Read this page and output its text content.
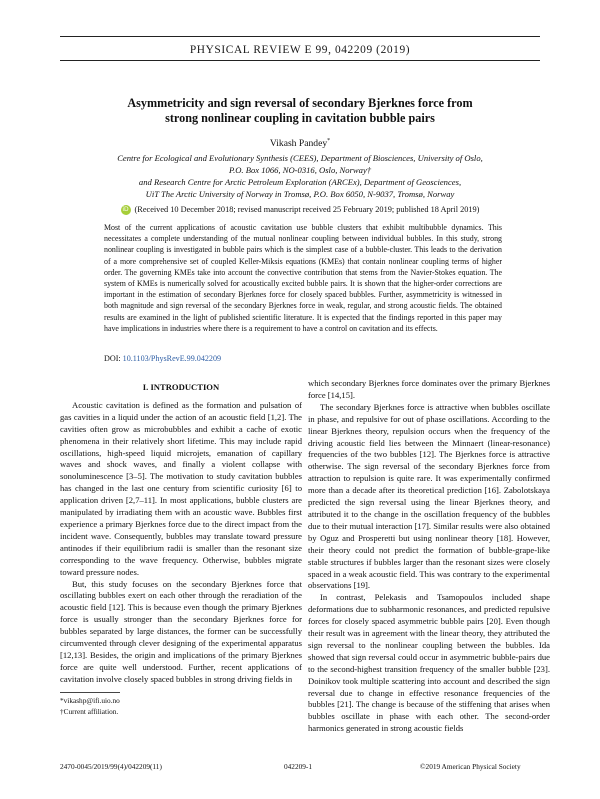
PHYSICAL REVIEW E 99, 042209 (2019)
Asymmetricity and sign reversal of secondary Bjerknes force from
strong nonlinear coupling in cavitation bubble pairs
Vikash Pandey*
Centre for Ecological and Evolutionary Synthesis (CEES), Department of Biosciences, University of Oslo,
P.O. Box 1066, NO-0316, Oslo, Norway†
and Research Centre for Arctic Petroleum Exploration (ARCEx), Department of Geosciences,
UiT The Arctic University of Norway in Tromsø, P.O. Box 6050, N-9037, Tromsø, Norway
iD (Received 10 December 2018; revised manuscript received 25 February 2019; published 18 April 2019)
Most of the current applications of acoustic cavitation use bubble clusters that exhibit multibubble dynamics. This necessitates a complete understanding of the mutual nonlinear coupling between individual bubbles. In this study, strong nonlinear coupling is investigated in bubble pairs which is the simplest case of a bubble-cluster. This leads to the derivation of a more comprehensive set of coupled Keller-Miksis equations (KMEs) that contain nonlinear coupling terms of higher order. The governing KMEs take into account the convective contribution that stems from the Navier-Stokes equation. The system of KMEs is numerically solved for acoustically excited bubble pairs. It is shown that the higher-order corrections are important in the estimation of secondary Bjerknes force for closely spaced bubbles. Further, asymmetricity is witnessed in both magnitude and sign reversal of the secondary Bjerknes force in weak, regular, and strong acoustic fields. The obtained results are examined in the light of published scientific literature. It is expected that the findings reported in this paper may have implications in industries where there is a requirement to have a control on cavitation and its effects.
DOI: 10.1103/PhysRevE.99.042209
I. INTRODUCTION

Acoustic cavitation is defined as the formation and pulsation of gas cavities in a liquid under the action of an acoustic field [1,2]. The cavities often grow as microbubbles and exhibit a cache of exotic phenomena in their relatively short lifetime. This may include rapid oscillations, high-speed liquid microjets, emanation of capillary waves and shock waves, and finally a violent collapse with sonoluminescence [3–5]. The motivation to study cavitation bubbles has changed in the last one century from scientific curiosity [6] to application driven [2,7–11]. In most applications, bubble clusters are manipulated by irradiating them with an acoustic wave. Bubbles first experience a primary Bjerknes force due to the direct impact from the incident wave. Consequently, bubbles may translate toward pressure antinodes if their equilibrium radii is smaller than the resonant size corresponding to the wave frequency. Otherwise, bubbles migrate toward pressure nodes.

But, this study focuses on the secondary Bjerknes force that oscillating bubbles exert on each other through the reradiation of the acoustic field [12]. This is because even though the primary Bjerknes force is usually stronger than the secondary Bjerknes force for bubbles separated by large distances, the former can be successfully circumvented through clever designing of the experimental apparatus [12,13]. Besides, the origin and implications of the primary Bjerknes force are quite well understood. Further, recent applications of cavitation involve closely spaced bubbles in strong driving fields in

which secondary Bjerknes force dominates over the primary Bjerknes force [14,15].

The secondary Bjerknes force is attractive when bubbles oscillate in phase, and repulsive for out of phase oscillations. According to the linear Bjerknes theory, repulsion occurs when the frequency of the driving acoustic field lies between the Minnaert (linear-resonance) frequencies of the two bubbles [12]. The Bjerknes force is attractive otherwise. The sign reversal of the secondary Bjerknes force from attraction to repulsion is quite rare. It was experimentally confirmed more than a decade after its theoretical prediction [16]. Zabolotskaya predicted the sign reversal using the linear Bjerknes theory, and attributed it to the change in the oscillation frequency of the bubbles due to their mutual interaction [17]. Similar results were also obtained by Oguz and Prosperetti but using nonlinear theory [18]. However, their theory could not predict the formation of bubble-grape-like stable structures if bubbles larger than the resonant sizes were closely spaced in a weak acoustic field. This was contrary to the experimental observations [19].

In contrast, Pelekasis and Tsamopoulos included shape deformations due to subharmonic resonances, and predicted repulsive forces for closely spaced asymmetric bubble pairs [20]. Even though their result was in agreement with the linear theory, they attributed the sign reversal to the nonlinear coupling between the bubbles. Ida showed that sign reversal could occur in asymmetric bubble-pairs due to the second-highest transition frequency of the smaller bubble [23]. Doinikov took multiple scattering into account and described the sign reversal due to change in effective resonance frequencies of the bubbles [21]. The change is because of the stiffening that arises when bubbles oscillate in phase with each other. The second-order harmonics generated in strong acoustic fields

*vikashp@ifi.uio.no
†Current affiliation.
2470-0045/2019/99(4)/042209(11)	042209-1	©2019 American Physical Society
